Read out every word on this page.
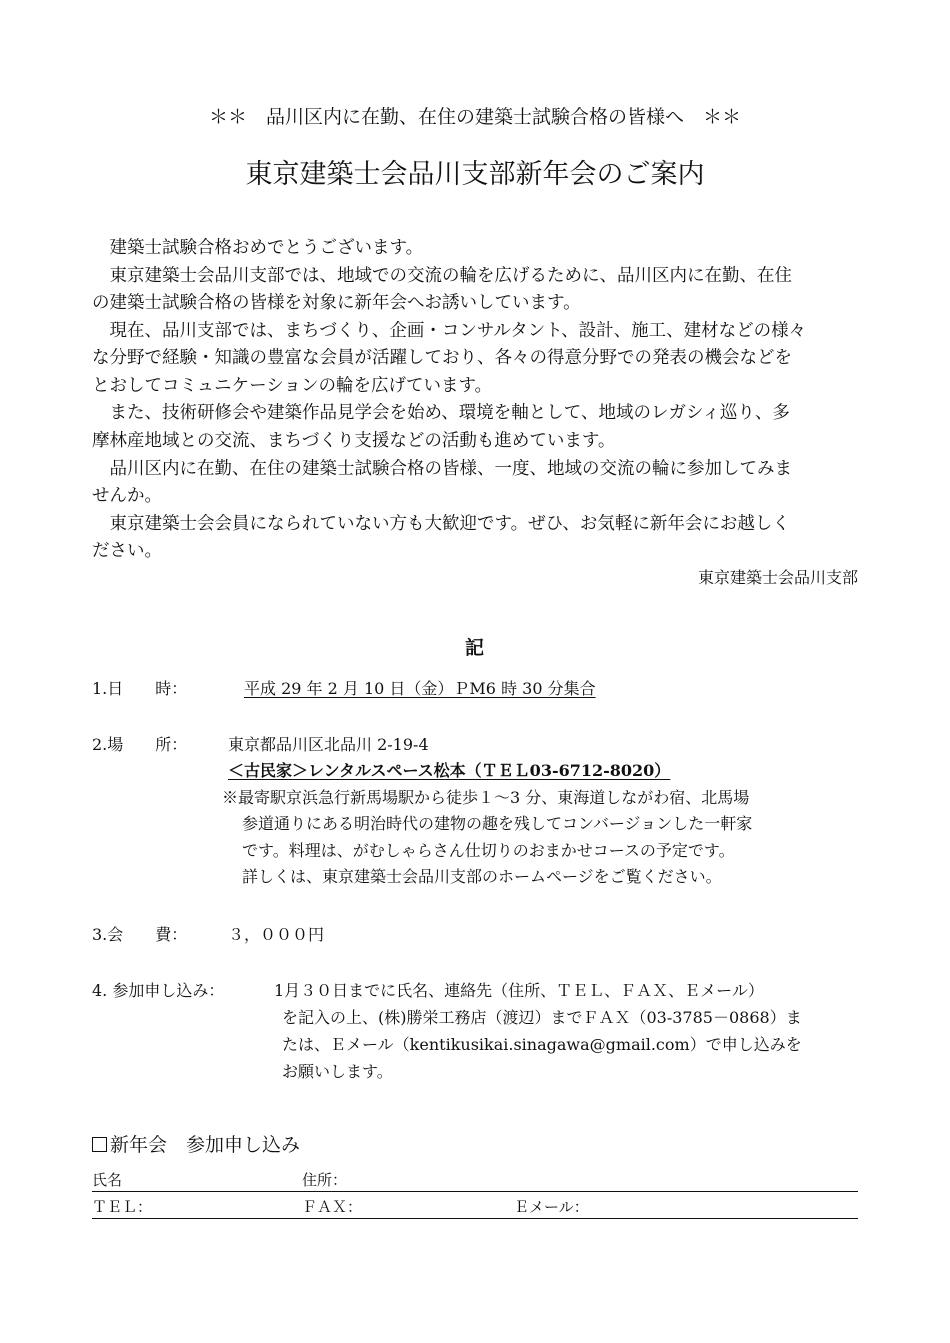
＊＊　品川区内に在勤、在住の建築士試験合格の皆様へ　＊＊
東京建築士会品川支部新年会のご案内
　建築士試験合格おめでとうございます。
　東京建築士会品川支部では、地域での交流の輪を広げるために、品川区内に在勤、在住
の建築士試験合格の皆様を対象に新年会へお誘いしています。
　現在、品川支部では、まちづくり、企画・コンサルタント、設計、施工、建材などの様々
な分野で経験・知識の豊富な会員が活躍しており、各々の得意分野での発表の機会などを
とおしてコミュニケーションの輪を広げています。
　また、技術研修会や建築作品見学会を始め、環境を軸として、地域のレガシィ巡り、多
摩林産地域との交流、まちづくり支援などの活動も進めています。
　品川区内に在勤、在住の建築士試験合格の皆様、一度、地域の交流の輪に参加してみま
せんか。
　東京建築士会会員になられていない方も大歓迎です。ぜひ、お気軽に新年会にお越しく
ださい。
東京建築士会品川支部
記
1.日　　時：	平成 29 年 2 月 10 日（金）ＰM6 時 30 分集合
2.場　　所：	東京都品川区北品川 2-19-4
＜古民家＞レンタルスペース松本（ＴＥＬ03-6712-8020）
※最寄駅京浜急行新馬場駅から徒歩１～3 分、東海道しながわ宿、北馬場
参道通りにある明治時代の建物の趣を残してコンバージョンした一軒家
です。料理は、がむしゃらさん仕切りのおまかせコースの予定です。
詳しくは、東京建築士会品川支部のホームページをご覧ください。
3.会　　費：	３，０００円
4. 参加申し込み：	1月３０日までに氏名、連絡先（住所、ＴＥＬ、ＦＡＸ、Ｅメール）
を記入の上、(株)勝栄工務店（渡辺）までＦＡＸ（03-3785－0868）ま
たは、Ｅメール（kentikusikai.sinagawa@gmail.com）で申し込みを
お願いします。
新年会　参加申し込み
氏名	住所：
ＴＥＬ：	ＦＡＸ：	Ｅメール：
